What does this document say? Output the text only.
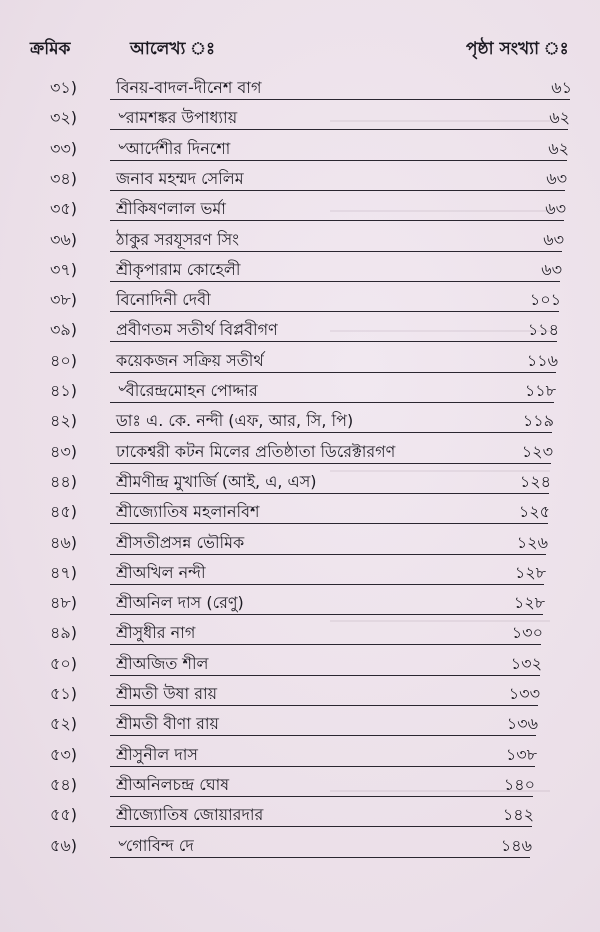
ক্রমিক	আলেখ্য ঃ	পৃষ্ঠা সংখ্যা ঃ
৩১)	বিনয়-বাদল-দীনেশ বাগ	৬১
৩২)	৺রামশঙ্কর উপাধ্যায়	৬২
৩৩)	৺আর্দেশীর দিনশো	৬২
৩৪)	জনাব মহম্মদ সেলিম	৬৩
৩৫)	শ্রীকিষণলাল ভর্মা	৬৩
৩৬)	ঠাকুর সরযূসরণ সিং	৬৩
৩৭)	শ্রীকৃপারাম কোহেলী	৬৩
৩৮)	বিনোদিনী দেবী	১০১
৩৯)	প্রবীণতম সতীর্থ বিপ্লবীগণ	১১৪
৪০)	কয়েকজন সক্রিয় সতীর্থ	১১৬
৪১)	৺বীরেন্দ্রমোহন পোদ্দার	১১৮
৪২)	ডাঃ এ. কে. নন্দী (এফ, আর, সি, পি)	১১৯
৪৩)	ঢাকেশ্বরী কটন মিলের প্রতিষ্ঠাতা ডিরেক্টারগণ	১২৩
৪৪)	শ্রীমণীন্দ্র মুখার্জি (আই, এ, এস)	১২৪
৪৫)	শ্রীজ্যোতিষ মহলানবিশ	১২৫
৪৬)	শ্রীসতীপ্রসন্ন ভৌমিক	১২৬
৪৭)	শ্রীঅখিল নন্দী	১২৮
৪৮)	শ্রীঅনিল দাস (রেণু)	১২৮
৪৯)	শ্রীসুধীর নাগ	১৩০
৫০)	শ্রীঅজিত শীল	১৩২
৫১)	শ্রীমতী উষা রায়	১৩৩
৫২)	শ্রীমতী বীণা রায়	১৩৬
৫৩)	শ্রীসুনীল দাস	১৩৮
৫৪)	শ্রীঅনিলচন্দ্র ঘোষ	১৪০
৫৫)	শ্রীজ্যোতিষ জোয়ারদার	১৪২
৫৬)	৺গোবিন্দ দে	১৪৬
